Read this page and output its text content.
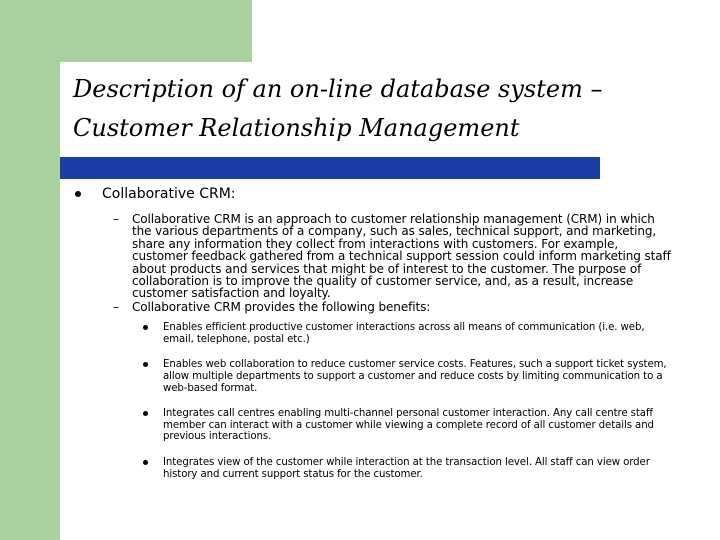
Description of an on-line database system –
Customer Relationship Management
Collaborative CRM:
– Collaborative CRM is an approach to customer relationship management (CRM) in which the various departments of a company, such as sales, technical support, and marketing, share any information they collect from interactions with customers. For example, customer feedback gathered from a technical support session could inform marketing staff about products and services that might be of interest to the customer. The purpose of collaboration is to improve the quality of customer service, and, as a result, increase customer satisfaction and loyalty.
– Collaborative CRM provides the following benefits:
Enables efficient productive customer interactions across all means of communication (i.e. web, email, telephone, postal etc.)
Enables web collaboration to reduce customer service costs. Features, such a support ticket system, allow multiple departments to support a customer and reduce costs by limiting communication to a web-based format.
Integrates call centres enabling multi-channel personal customer interaction. Any call centre staff member can interact with a customer while viewing a complete record of all customer details and previous interactions.
Integrates view of the customer while interaction at the transaction level. All staff can view order history and current support status for the customer.
